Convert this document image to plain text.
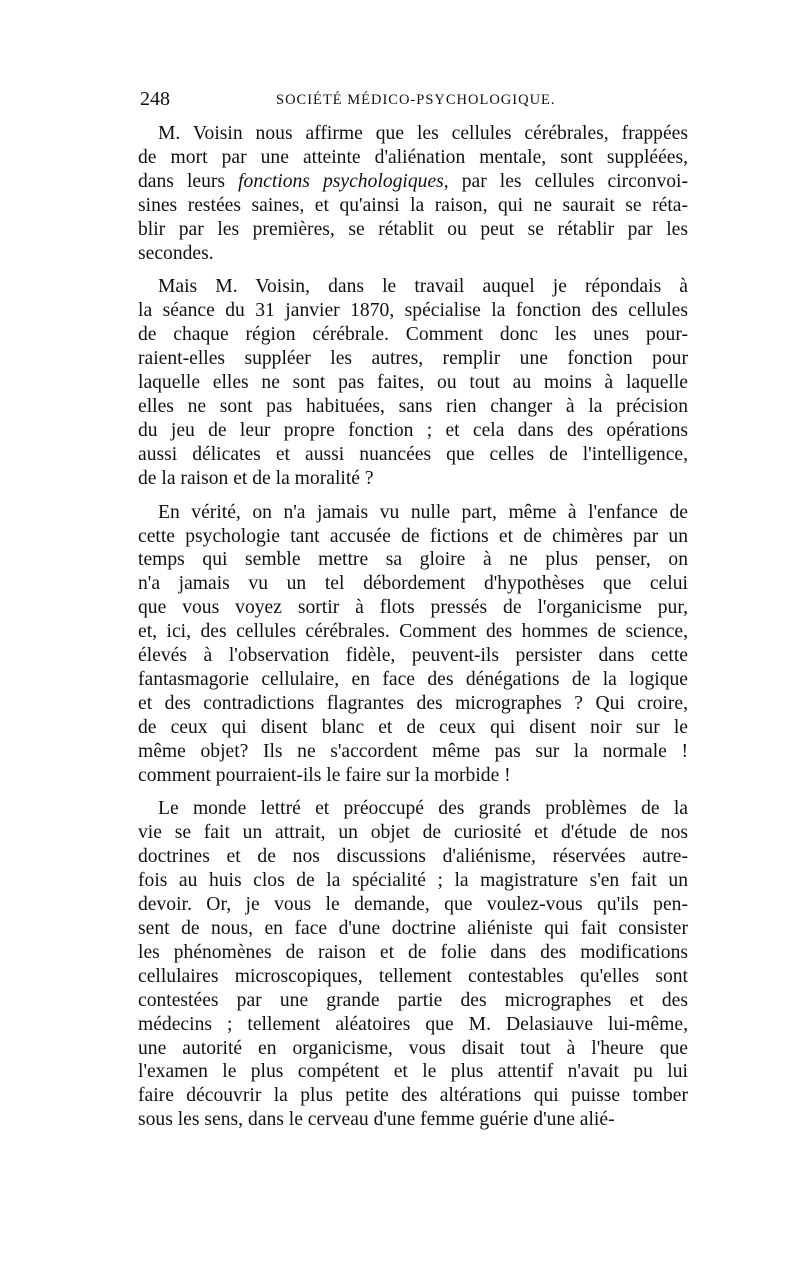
248	SOCIÉTÉ MÉDICO-PSYCHOLOGIQUE.

M. Voisin nous affirme que les cellules cérébrales, frappées
de mort par une atteinte d'aliénation mentale, sont suppléées,
dans leurs fonctions psychologiques, par les cellules circonvoi-
sines restées saines, et qu'ainsi la raison, qui ne saurait se réta-
blir par les premières, se rétablit ou peut se rétablir par les
secondes.

Mais M. Voisin, dans le travail auquel je répondais à
la séance du 31 janvier 1870, spécialise la fonction des cellules
de chaque région cérébrale. Comment donc les unes pour-
raient-elles suppléer les autres, remplir une fonction pour
laquelle elles ne sont pas faites, ou tout au moins à laquelle
elles ne sont pas habituées, sans rien changer à la précision
du jeu de leur propre fonction ; et cela dans des opérations
aussi délicates et aussi nuancées que celles de l'intelligence,
de la raison et de la moralité ?

En vérité, on n'a jamais vu nulle part, même à l'enfance de
cette psychologie tant accusée de fictions et de chimères par un
temps qui semble mettre sa gloire à ne plus penser, on
n'a jamais vu un tel débordement d'hypothèses que celui
que vous voyez sortir à flots pressés de l'organicisme pur,
et, ici, des cellules cérébrales. Comment des hommes de science,
élevés à l'observation fidèle, peuvent-ils persister dans cette
fantasmagorie cellulaire, en face des dénégations de la logique
et des contradictions flagrantes des micrographes ? Qui croire,
de ceux qui disent blanc et de ceux qui disent noir sur le
même objet? Ils ne s'accordent même pas sur la normale !
comment pourraient-ils le faire sur la morbide !

Le monde lettré et préoccupé des grands problèmes de la
vie se fait un attrait, un objet de curiosité et d'étude de nos
doctrines et de nos discussions d'aliénisme, réservées autre-
fois au huis clos de la spécialité ; la magistrature s'en fait un
devoir. Or, je vous le demande, que voulez-vous qu'ils pen-
sent de nous, en face d'une doctrine aliéniste qui fait consister
les phénomènes de raison et de folie dans des modifications
cellulaires microscopiques, tellement contestables qu'elles sont
contestées par une grande partie des micrographes et des
médecins ; tellement aléatoires que M. Delasiauve lui-même,
une autorité en organicisme, vous disait tout à l'heure que
l'examen le plus compétent et le plus attentif n'avait pu lui
faire découvrir la plus petite des altérations qui puisse tomber
sous les sens, dans le cerveau d'une femme guérie d'une alié-
